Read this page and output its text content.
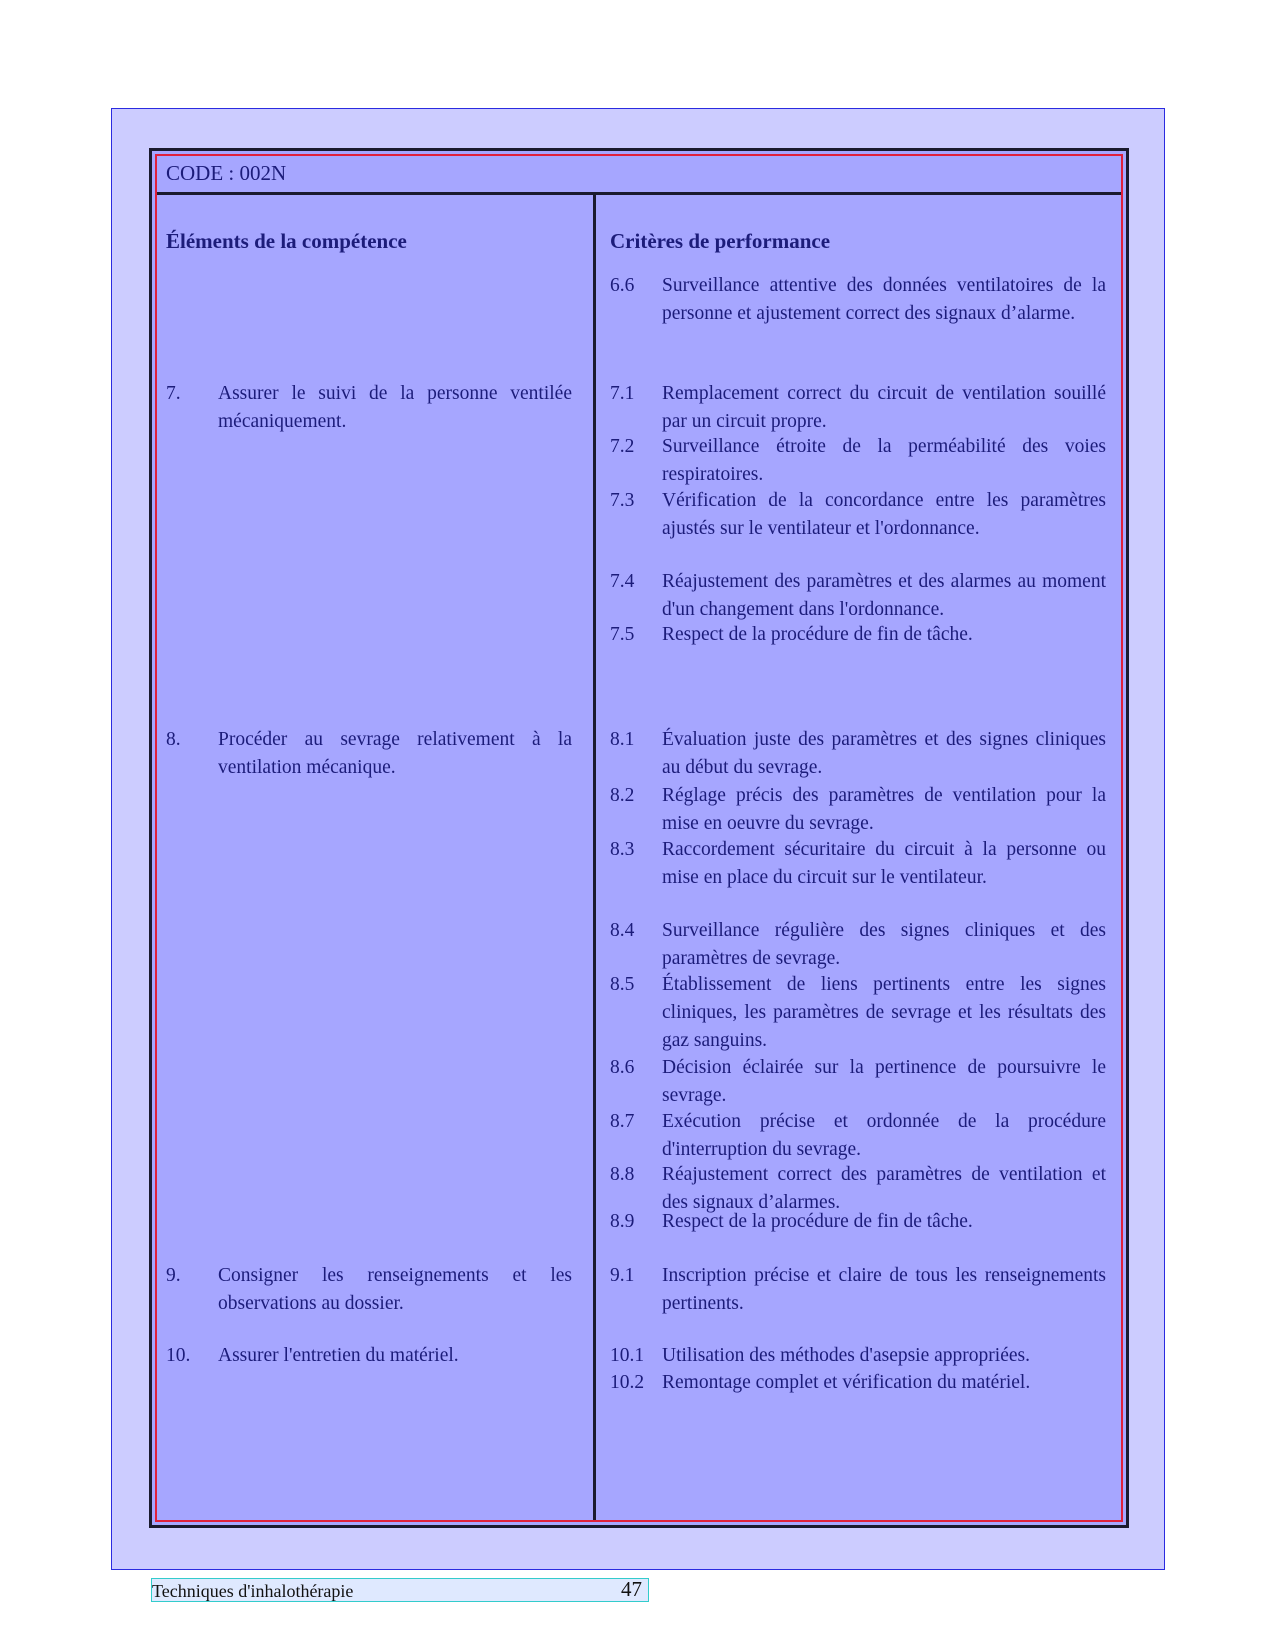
CODE : 002N
Éléments de la compétence	Critères de performance
7. Assurer le suivi de la personne ventilée mécaniquement.
8. Procéder au sevrage relativement à la ventilation mécanique.
9. Consigner les renseignements et les observations au dossier.
10. Assurer l'entretien du matériel.
6.6 Surveillance attentive des données ventilatoires de la personne et ajustement correct des signaux d’alarme.
7.1 Remplacement correct du circuit de ventilation souillé par un circuit propre.
7.2 Surveillance étroite de la perméabilité des voies respiratoires.
7.3 Vérification de la concordance entre les paramètres ajustés sur le ventilateur et l'ordonnance.
7.4 Réajustement des paramètres et des alarmes au moment d'un changement dans l'ordonnance.
7.5 Respect de la procédure de fin de tâche.
8.1 Évaluation juste des paramètres et des signes cliniques au début du sevrage.
8.2 Réglage précis des paramètres de ventilation pour la mise en oeuvre du sevrage.
8.3 Raccordement sécuritaire du circuit à la personne ou mise en place du circuit sur le ventilateur.
8.4 Surveillance régulière des signes cliniques et des paramètres de sevrage.
8.5 Établissement de liens pertinents entre les signes cliniques, les paramètres de sevrage et les résultats des gaz sanguins.
8.6 Décision éclairée sur la pertinence de poursuivre le sevrage.
8.7 Exécution précise et ordonnée de la procédure d'interruption du sevrage.
8.8 Réajustement correct des paramètres de ventilation et des signaux d’alarmes.
8.9 Respect de la procédure de fin de tâche.
9.1 Inscription précise et claire de tous les renseignements pertinents.
10.1 Utilisation des méthodes d'asepsie appropriées.
10.2 Remontage complet et vérification du matériel.
Techniques d'inhalothérapie	47
